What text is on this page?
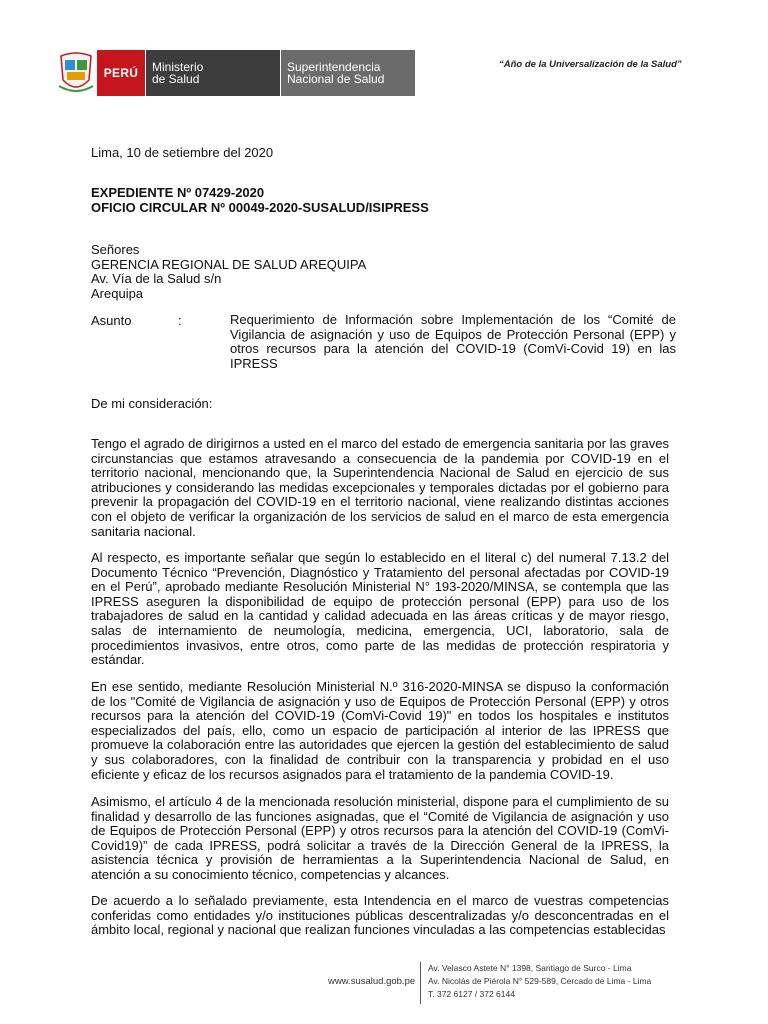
PERÚ Ministerio
de Salud
Superintendencia
Nacional de Salud
“Año de la Universalización de la Salud”
Lima, 10 de setiembre del 2020
EXPEDIENTE Nº 07429-2020
OFICIO CIRCULAR Nº 00049-2020-SUSALUD/ISIPRESS
Señores
GERENCIA REGIONAL DE SALUD AREQUIPA
Av. Vía de la Salud s/n
Arequipa
Asunto	:	Requerimiento de Información sobre Implementación de los “Comité de Vigilancia de asignación y uso de Equipos de Protección Personal (EPP) y otros recursos para la atención del COVID-19 (ComVi-Covid 19) en las IPRESS
De mi consideración:
Tengo el agrado de dirigirnos a usted en el marco del estado de emergencia sanitaria por las graves circunstancias que estamos atravesando a consecuencia de la pandemia por COVID-19 en el territorio nacional, mencionando que, la Superintendencia Nacional de Salud en ejercicio de sus atribuciones y considerando las medidas excepcionales y temporales dictadas por el gobierno para prevenir la propagación del COVID-19 en el territorio nacional, viene realizando distintas acciones con el objeto de verificar la organización de los servicios de salud en el marco de esta emergencia sanitaria nacional.
Al respecto, es importante señalar que según lo establecido en el literal c) del numeral 7.13.2 del Documento Técnico “Prevención, Diagnóstico y Tratamiento del personal afectadas por COVID-19 en el Perú”, aprobado mediante Resolución Ministerial N° 193-2020/MINSA, se contempla que las IPRESS aseguren la disponibilidad de equipo de protección personal (EPP) para uso de los trabajadores de salud en la cantidad y calidad adecuada en las áreas críticas y de mayor riesgo, salas de internamiento de neumología, medicina, emergencia, UCI, laboratorio, sala de procedimientos invasivos, entre otros, como parte de las medidas de protección respiratoria y estándar.
En ese sentido, mediante Resolución Ministerial N.º 316-2020-MINSA se dispuso la conformación de los "Comité de Vigilancia de asignación y uso de Equipos de Protección Personal (EPP) y otros recursos para la atención del COVID-19 (ComVi-Covid 19)" en todos los hospitales e institutos especializados del país, ello, como un espacio de participación al interior de las IPRESS que promueve la colaboración entre las autoridades que ejercen la gestión del establecimiento de salud y sus colaboradores, con la finalidad de contribuir con la transparencia y probidad en el uso eficiente y eficaz de los recursos asignados para el tratamiento de la pandemia COVID-19.
Asimismo, el artículo 4 de la mencionada resolución ministerial, dispone para el cumplimiento de su finalidad y desarrollo de las funciones asignadas, que el “Comité de Vigilancia de asignación y uso de Equipos de Protección Personal (EPP) y otros recursos para la atención del COVID-19 (ComVi-Covid19)” de cada IPRESS, podrá solicitar a través de la Dirección General de la IPRESS, la asistencia técnica y provisión de herramientas a la Superintendencia Nacional de Salud, en atención a su conocimiento técnico, competencias y alcances.
De acuerdo a lo señalado previamente, esta Intendencia en el marco de vuestras competencias conferidas como entidades y/o instituciones públicas descentralizadas y/o desconcentradas en el ámbito local, regional y nacional que realizan funciones vinculadas a las competencias establecidas
www.susalud.gob.pe
Av. Velasco Astete N° 1398, Santiago de Surco - Lima
Av. Nicolás de Piérola N° 529-589, Cercado de Lima - Lima
T. 372 6127 / 372 6144
